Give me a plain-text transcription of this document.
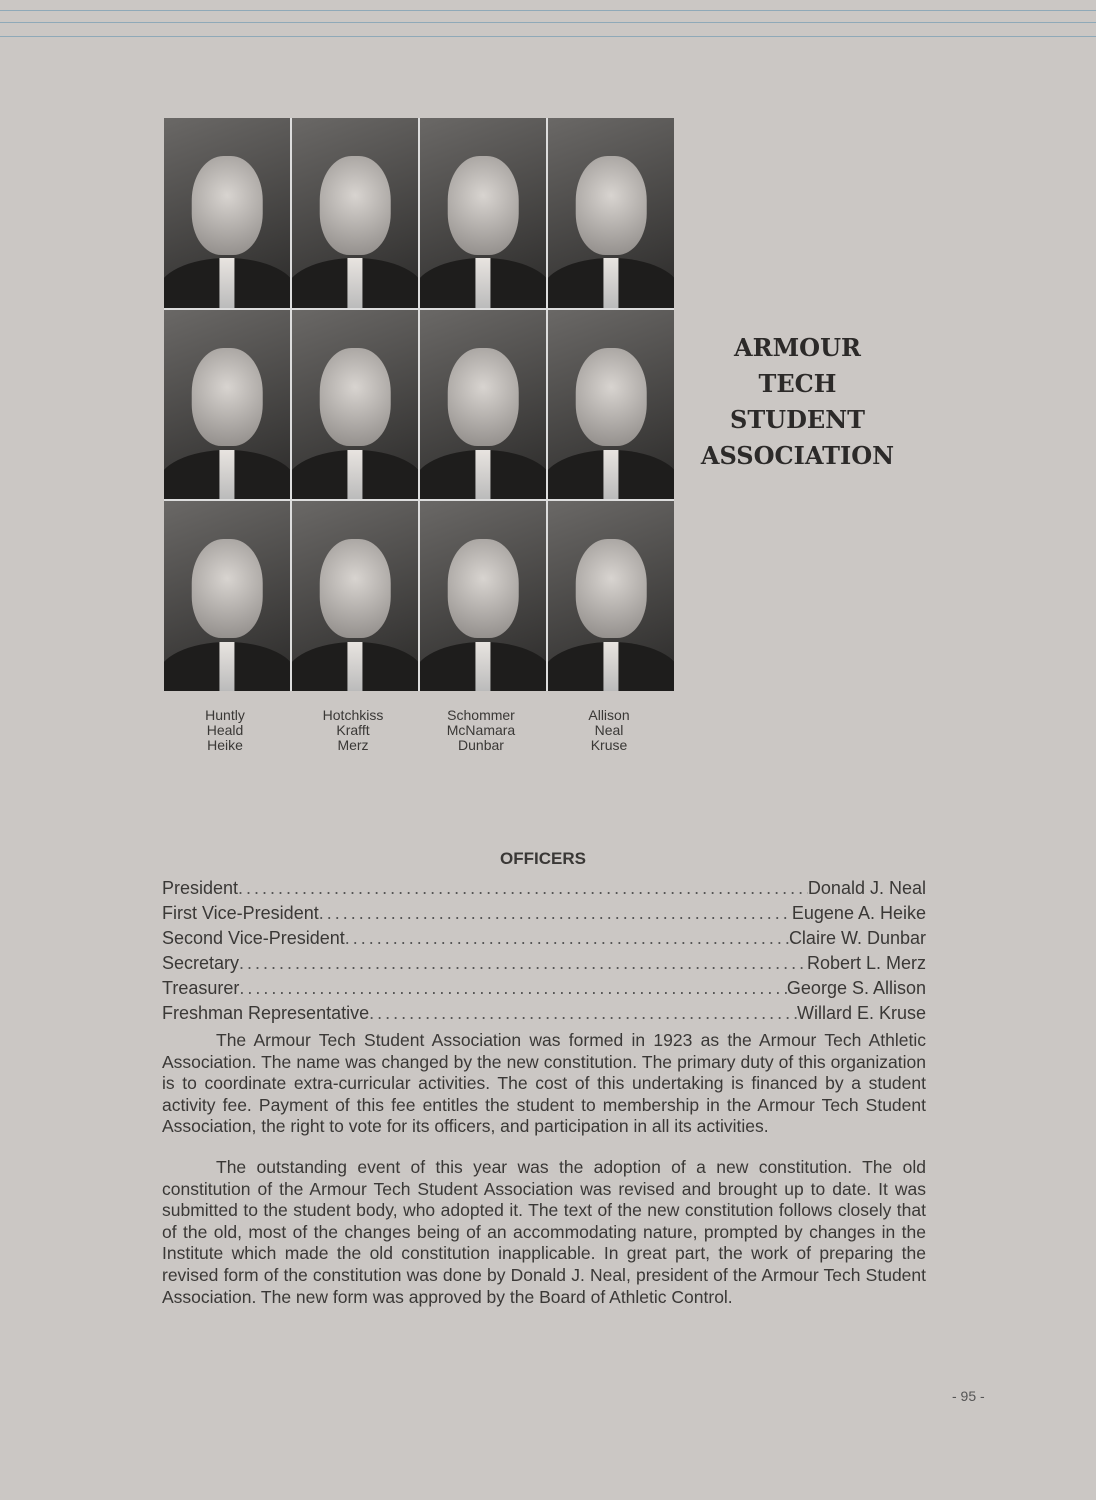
ARMOUR
TECH
STUDENT
ASSOCIATION
Huntly
Heald
Heike
Hotchkiss
Krafft
Merz
Schommer
McNamara
Dunbar
Allison
Neal
Kruse
OFFICERS
President .....	Donald J. Neal
First Vice-President .....	Eugene A. Heike
Second Vice-President .....	Claire W. Dunbar
Secretary .....	Robert L. Merz
Treasurer .....	George S. Allison
Freshman Representative .....	Willard E. Kruse

The Armour Tech Student Association was formed in 1923 as the Armour Tech Athletic Association. The name was changed by the new constitution. The primary duty of this organization is to coordinate extra-curricular activities. The cost of this undertaking is financed by a student activity fee. Payment of this fee entitles the student to membership in the Armour Tech Student Association, the right to vote for its officers, and participation in all its activities.

The outstanding event of this year was the adoption of a new constitution. The old constitution of the Armour Tech Student Association was revised and brought up to date. It was submitted to the student body, who adopted it. The text of the new constitution follows closely that of the old, most of the changes being of an accommodating nature, prompted by changes in the Institute which made the old constitution inapplicable. In great part, the work of preparing the revised form of the constitution was done by Donald J. Neal, president of the Armour Tech Student Association. The new form was approved by the Board of Athletic Control.

- 95 -
